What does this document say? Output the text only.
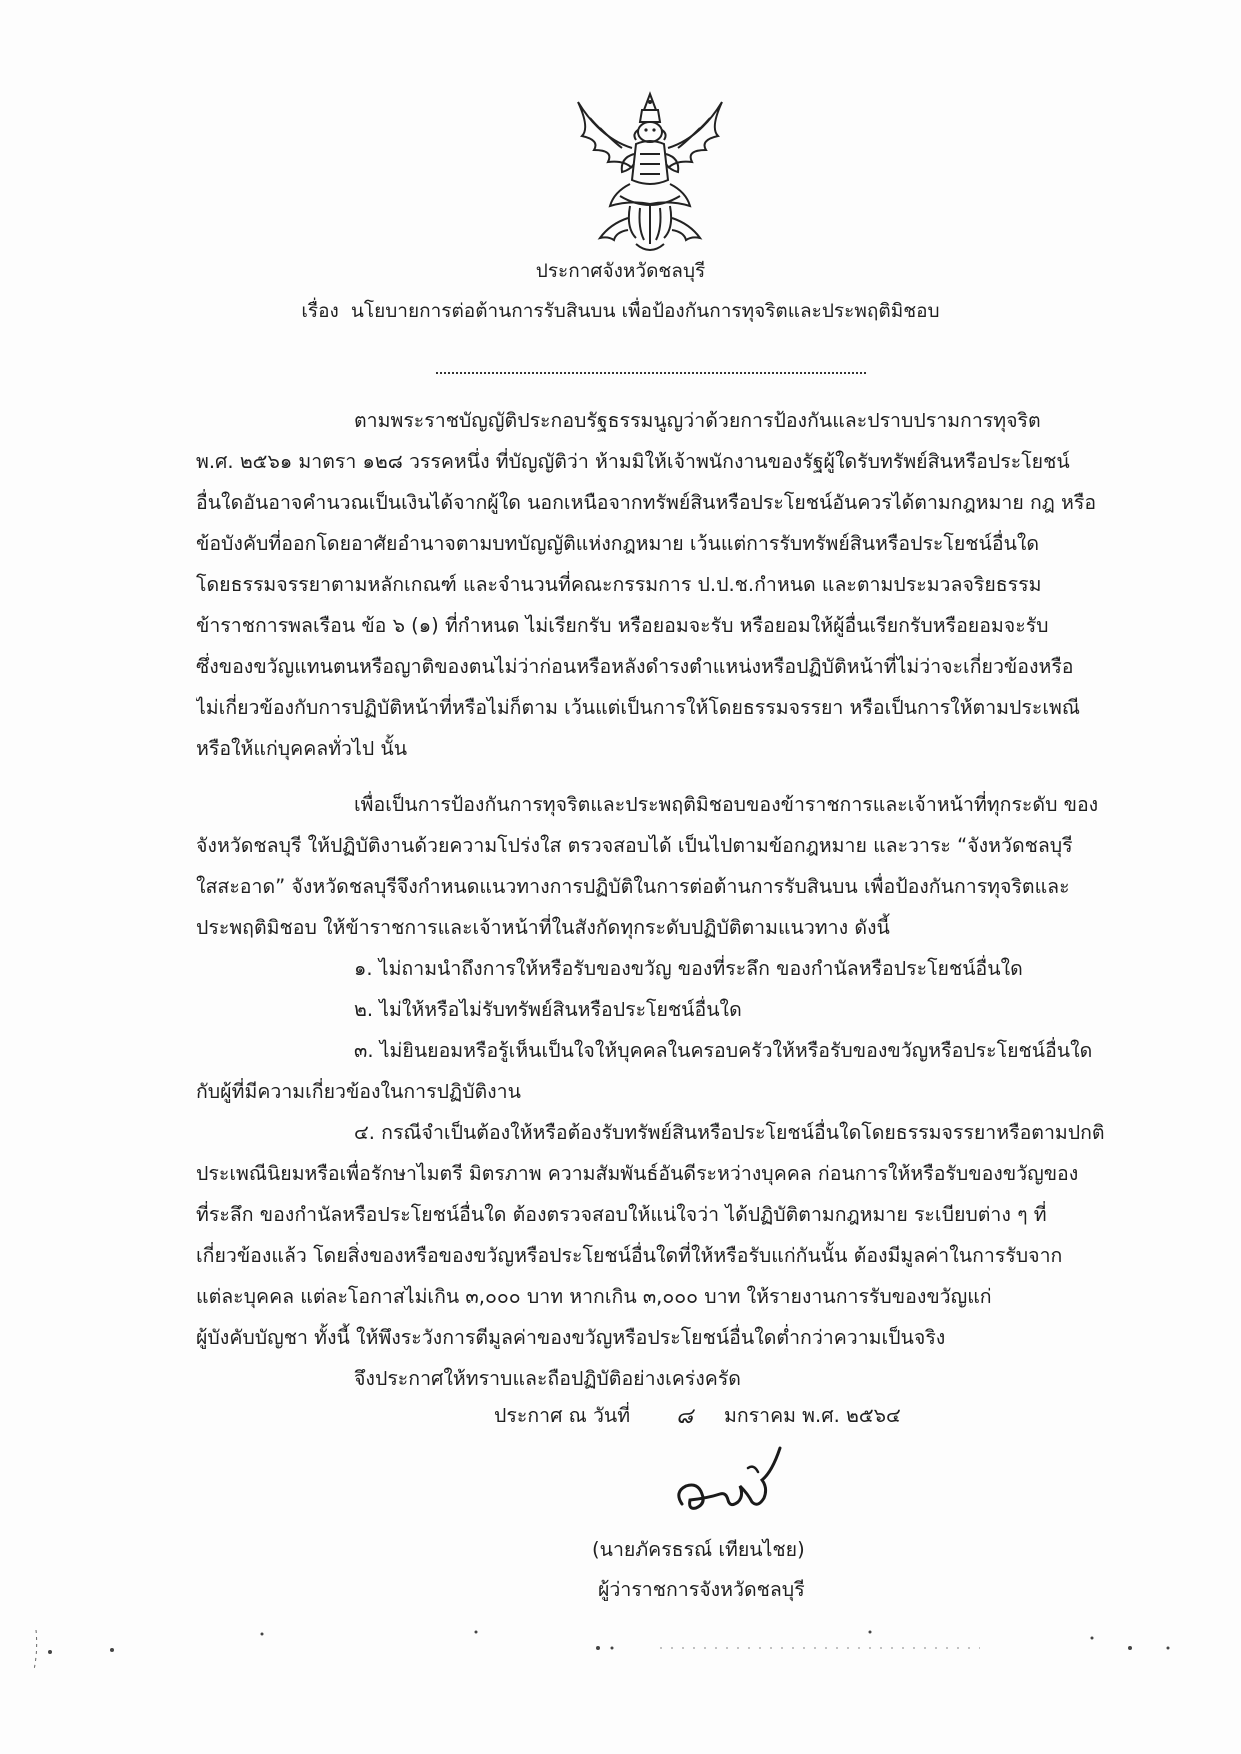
ประกาศจังหวัดชลบุรี
เรื่อง นโยบายการต่อต้านการรับสินบน เพื่อป้องกันการทุจริตและประพฤติมิชอบ
ตามพระราชบัญญัติประกอบรัฐธรรมนูญว่าด้วยการป้องกันและปราบปรามการทุจริต
พ.ศ. ๒๕๖๑ มาตรา ๑๒๘ วรรคหนึ่ง ที่บัญญัติว่า ห้ามมิให้เจ้าพนักงานของรัฐผู้ใดรับทรัพย์สินหรือประโยชน์
อื่นใดอันอาจคำนวณเป็นเงินได้จากผู้ใด นอกเหนือจากทรัพย์สินหรือประโยชน์อันควรได้ตามกฎหมาย กฎ หรือ
ข้อบังคับที่ออกโดยอาศัยอำนาจตามบทบัญญัติแห่งกฎหมาย เว้นแต่การรับทรัพย์สินหรือประโยชน์อื่นใด
โดยธรรมจรรยาตามหลักเกณฑ์ และจำนวนที่คณะกรรมการ ป.ป.ช.กำหนด และตามประมวลจริยธรรม
ข้าราชการพลเรือน ข้อ ๖ (๑) ที่กำหนด ไม่เรียกรับ หรือยอมจะรับ หรือยอมให้ผู้อื่นเรียกรับหรือยอมจะรับ
ซึ่งของขวัญแทนตนหรือญาติของตนไม่ว่าก่อนหรือหลังดำรงตำแหน่งหรือปฏิบัติหน้าที่ไม่ว่าจะเกี่ยวข้องหรือ
ไม่เกี่ยวข้องกับการปฏิบัติหน้าที่หรือไม่ก็ตาม เว้นแต่เป็นการให้โดยธรรมจรรยา หรือเป็นการให้ตามประเพณี
หรือให้แก่บุคคลทั่วไป นั้น
เพื่อเป็นการป้องกันการทุจริตและประพฤติมิชอบของข้าราชการและเจ้าหน้าที่ทุกระดับ ของ
จังหวัดชลบุรี ให้ปฏิบัติงานด้วยความโปร่งใส ตรวจสอบได้ เป็นไปตามข้อกฎหมาย และวาระ “จังหวัดชลบุรี
ใสสะอาด” จังหวัดชลบุรีจึงกำหนดแนวทางการปฏิบัติในการต่อต้านการรับสินบน เพื่อป้องกันการทุจริตและ
ประพฤติมิชอบ ให้ข้าราชการและเจ้าหน้าที่ในสังกัดทุกระดับปฏิบัติตามแนวทาง ดังนี้
๑. ไม่ถามนำถึงการให้หรือรับของขวัญ ของที่ระลึก ของกำนัลหรือประโยชน์อื่นใด
๒. ไม่ให้หรือไม่รับทรัพย์สินหรือประโยชน์อื่นใด
๓. ไม่ยินยอมหรือรู้เห็นเป็นใจให้บุคคลในครอบครัวให้หรือรับของขวัญหรือประโยชน์อื่นใด
กับผู้ที่มีความเกี่ยวข้องในการปฏิบัติงาน
๔. กรณีจำเป็นต้องให้หรือต้องรับทรัพย์สินหรือประโยชน์อื่นใดโดยธรรมจรรยาหรือตามปกติ
ประเพณีนิยมหรือเพื่อรักษาไมตรี มิตรภาพ ความสัมพันธ์อันดีระหว่างบุคคล ก่อนการให้หรือรับของขวัญของ
ที่ระลึก ของกำนัลหรือประโยชน์อื่นใด ต้องตรวจสอบให้แน่ใจว่า ได้ปฏิบัติตามกฎหมาย ระเบียบต่าง ๆ ที่
เกี่ยวข้องแล้ว โดยสิ่งของหรือของขวัญหรือประโยชน์อื่นใดที่ให้หรือรับแก่กันนั้น ต้องมีมูลค่าในการรับจาก
แต่ละบุคคล แต่ละโอกาสไม่เกิน ๓,๐๐๐ บาท หากเกิน ๓,๐๐๐ บาท ให้รายงานการรับของขวัญแก่
ผู้บังคับบัญชา ทั้งนี้ ให้พึงระวังการตีมูลค่าของขวัญหรือประโยชน์อื่นใดต่ำกว่าความเป็นจริง
จึงประกาศให้ทราบและถือปฏิบัติอย่างเคร่งครัด
ประกาศ ณ วันที่ ๘ มกราคม พ.ศ. ๒๕๖๔
(นายภัครธรณ์ เทียนไชย)
ผู้ว่าราชการจังหวัดชลบุรี
